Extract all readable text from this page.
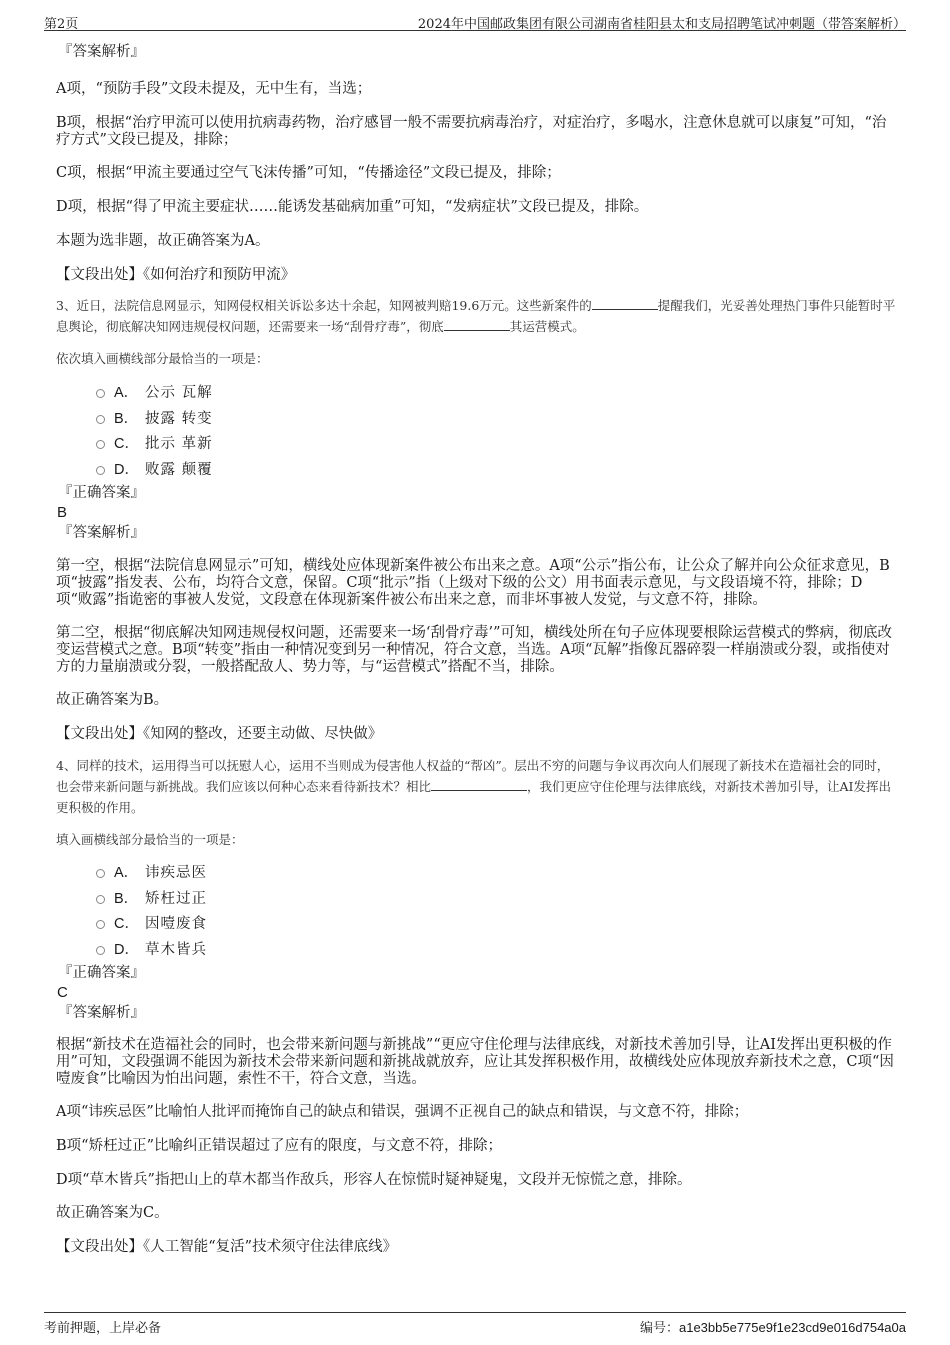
第2页	2024年中国邮政集团有限公司湖南省桂阳县太和支局招聘笔试冲刺题（带答案解析）

『答案解析』

A项，“预防手段”文段未提及，无中生有，当选；

B项，根据“治疗甲流可以使用抗病毒药物，治疗感冒一般不需要抗病毒治疗，对症治疗，多喝水，注意休息就可以康复”可知，“治疗方式”文段已提及，排除；

C项，根据“甲流主要通过空气飞沫传播”可知，“传播途径”文段已提及，排除；

D项，根据“得了甲流主要症状……能诱发基础病加重”可知，“发病症状”文段已提及，排除。

本题为选非题，故正确答案为A。

【文段出处】《如何治疗和预防甲流》

3、近日，法院信息网显示，知网侵权相关诉讼多达十余起，知网被判赔19.6万元。这些新案件的	提醒我们，光妥善处理热门事件只能暂时平息舆论，彻底解决知网违规侵权问题，还需要来一场“刮骨疗毒”，彻底	其运营模式。

依次填入画横线部分最恰当的一项是：

A． 公示 瓦解
B． 披露 转变
C． 批示 革新
D． 败露 颠覆

『正确答案』

B

『答案解析』

第一空，根据“法院信息网显示”可知，横线处应体现新案件被公布出来之意。A项“公示”指公布，让公众了解并向公众征求意见，B项“披露”指发表、公布，均符合文意，保留。C项“批示”指（上级对下级的公文）用书面表示意见，与文段语境不符，排除；D项“败露”指诡密的事被人发觉，文段意在体现新案件被公布出来之意，而非坏事被人发觉，与文意不符，排除。

第二空，根据“彻底解决知网违规侵权问题，还需要来一场‘刮骨疗毒’”可知，横线处所在句子应体现要根除运营模式的弊病，彻底改变运营模式之意。B项“转变”指由一种情况变到另一种情况，符合文意，当选。A项“瓦解”指像瓦器碎裂一样崩溃或分裂，或指使对方的力量崩溃或分裂，一般搭配敌人、势力等，与“运营模式”搭配不当，排除。

故正确答案为B。

【文段出处】《知网的整改，还要主动做、尽快做》

4、同样的技术，运用得当可以抚慰人心，运用不当则成为侵害他人权益的“帮凶”。层出不穷的问题与争议再次向人们展现了新技术在造福社会的同时，也会带来新问题与新挑战。我们应该以何种心态来看待新技术？相比	，我们更应守住伦理与法律底线，对新技术善加引导，让AI发挥出更积极的作用。

填入画横线部分最恰当的一项是：

A． 讳疾忌医
B． 矫枉过正
C． 因噎废食
D． 草木皆兵

『正确答案』

C

『答案解析』

根据“新技术在造福社会的同时，也会带来新问题与新挑战”“更应守住伦理与法律底线，对新技术善加引导，让AI发挥出更积极的作用”可知，文段强调不能因为新技术会带来新问题和新挑战就放弃，应让其发挥积极作用，故横线处应体现放弃新技术之意，C项“因噎废食”比喻因为怕出问题，索性不干，符合文意，当选。

A项“讳疾忌医”比喻怕人批评而掩饰自己的缺点和错误，强调不正视自己的缺点和错误，与文意不符，排除；

B项“矫枉过正”比喻纠正错误超过了应有的限度，与文意不符，排除；

D项“草木皆兵”指把山上的草木都当作敌兵，形容人在惊慌时疑神疑鬼，文段并无惊慌之意，排除。

故正确答案为C。

【文段出处】《人工智能“复活”技术须守住法律底线》

考前押题，上岸必备	编号：a1e3bb5e775e9f1e23cd9e016d754a0a
